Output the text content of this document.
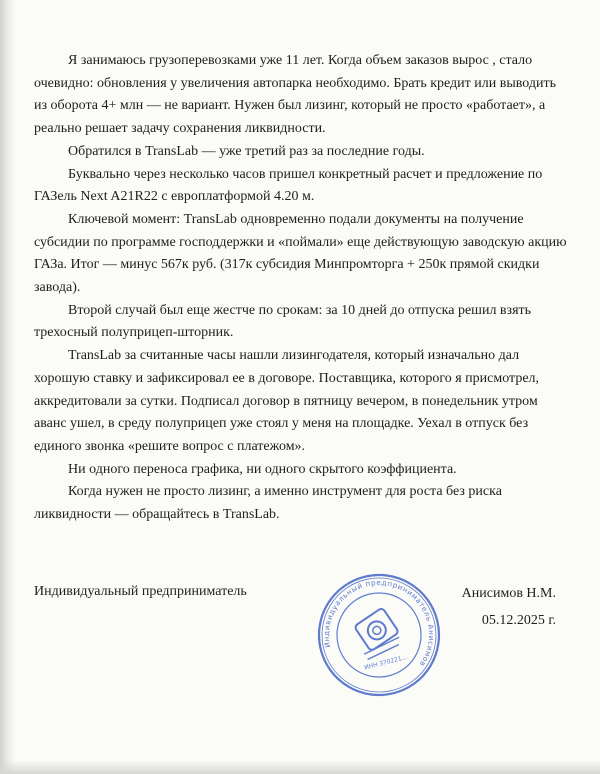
Я занимаюсь грузоперевозками уже 11 лет. Когда объем заказов вырос , стало очевидно: обновления у увеличения автопарка необходимо. Брать кредит или выводить из оборота 4+ млн — не вариант. Нужен был лизинг, который не просто «работает», а реально решает задачу сохранения ликвидности.

Обратился в TransLab — уже третий раз за последние годы.

Буквально через несколько часов пришел конкретный расчет и предложение по ГАЗель Next A21R22 с европлатформой 4.20 м.

Ключевой момент: TransLab одновременно подали документы на получение субсидии по программе господдержки и «поймали» еще действующую заводскую акцию ГАЗа. Итог — минус 567к руб. (317к субсидия Минпромторга + 250к прямой скидки завода).

Второй случай был еще жестче по срокам: за 10 дней до отпуска решил взять трехосный полуприцеп-шторник.

TransLab за считанные часы нашли лизингодателя, который изначально дал хорошую ставку и зафиксировал ее в договоре. Поставщика, которого я присмотрел, аккредитовали за сутки. Подписал договор в пятницу вечером, в понедельник утром аванс ушел, в среду полуприцеп уже стоял у меня на площадке. Уехал в отпуск без единого звонка «решите вопрос с платежом».

Ни одного переноса графика, ни одного скрытого коэффициента.

Когда нужен не просто лизинг, а именно инструмент для роста без риска ликвидности — обращайтесь в TransLab.

Индивидуальный предприниматель
Индивидуальный предприниматель Анисимов
ИНН 370221...
Анисимов Н.М.
05.12.2025 г.
